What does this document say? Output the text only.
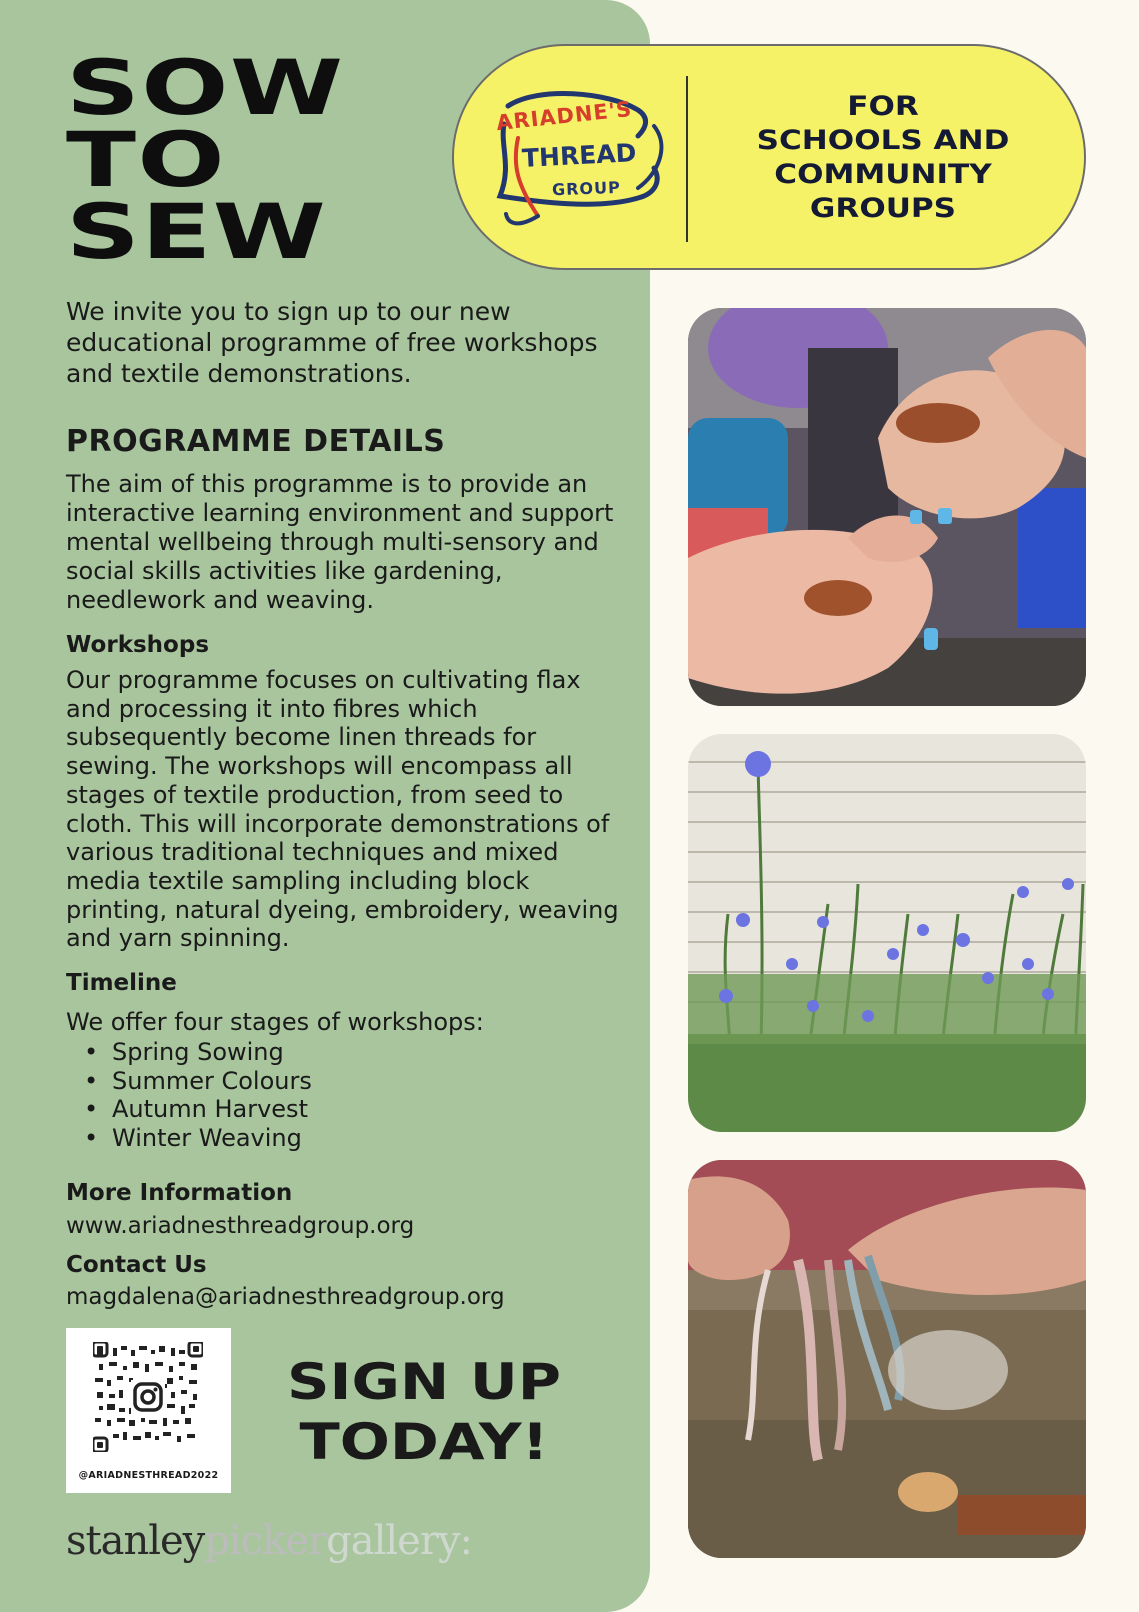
SOW
TO
SEW

We invite you to sign up to our new educational programme of free workshops and textile demonstrations.

PROGRAMME DETAILS

The aim of this programme is to provide an interactive learning environment and support mental wellbeing through multi-sensory and social skills activities like gardening, needlework and weaving.

Workshops

Our programme focuses on cultivating flax and processing it into fibres which subsequently become linen threads for sewing. The workshops will encompass all stages of textile production, from seed to cloth. This will incorporate demonstrations of various traditional techniques and mixed media textile sampling including block printing, natural dyeing, embroidery, weaving and yarn spinning.

Timeline

We offer four stages of workshops:

• Spring Sowing
• Summer Colours
• Autumn Harvest
• Winter Weaving
More Information
www.ariadnesthreadgroup.org
Contact Us
magdalena@ariadnesthreadgroup.org
@ARIADNESTHREAD2022
SIGN UP
TODAY!
stanleypickergallery:
ARIADNE'S
THREAD
GROUP
FOR
SCHOOLS AND
COMMUNITY
GROUPS
